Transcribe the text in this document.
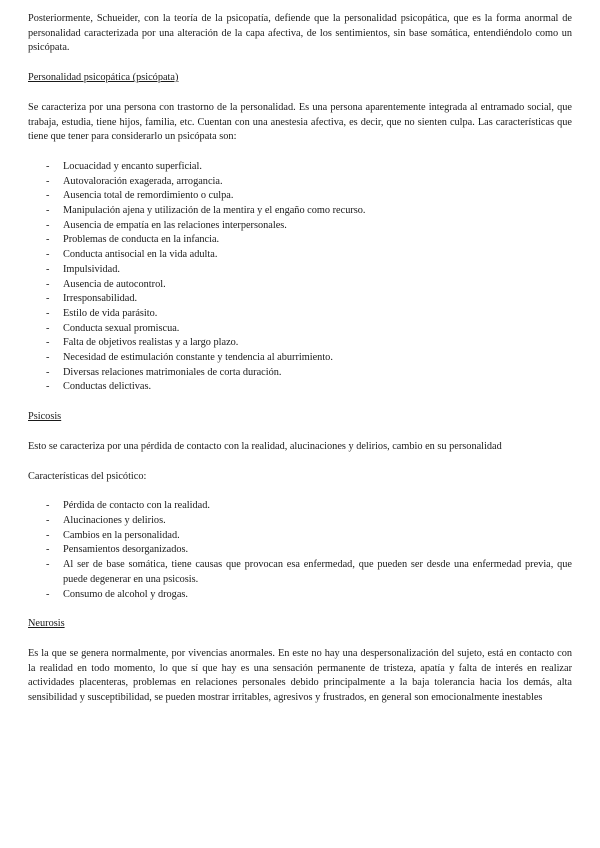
Posteriormente, Schueider, con la teoría de la psicopatía, defiende que la personalidad psicopática, que es la forma anormal de personalidad caracterizada por una alteración de la capa afectiva, de los sentimientos, sin base somática, entendiéndolo como un psicópata.

Personalidad psicopática (psicópata)

Se caracteriza por una persona con trastorno de la personalidad. Es una persona aparentemente integrada al entramado social, que trabaja, estudia, tiene hijos, familia, etc. Cuentan con una anestesia afectiva, es decir, que no sienten culpa. Las características que tiene que tener para considerarlo un psicópata son:

- Locuacidad y encanto superficial.
- Autovaloración exagerada, arrogancia.
- Ausencia total de remordimiento o culpa.
- Manipulación ajena y utilización de la mentira y el engaño como recurso.
- Ausencia de empatía en las relaciones interpersonales.
- Problemas de conducta en la infancia.
- Conducta antisocial en la vida adulta.
- Impulsividad.
- Ausencia de autocontrol.
- Irresponsabilidad.
- Estilo de vida parásito.
- Conducta sexual promiscua.
- Falta de objetivos realistas y a largo plazo.
- Necesidad de estimulación constante y tendencia al aburrimiento.
- Diversas relaciones matrimoniales de corta duración.
- Conductas delictivas.

Psicosis

Esto se caracteriza por una pérdida de contacto con la realidad, alucinaciones y delirios, cambio en su personalidad

Características del psicótico:

- Pérdida de contacto con la realidad.
- Alucinaciones y delirios.
- Cambios en la personalidad.
- Pensamientos desorganizados.
- Al ser de base somática, tiene causas que provocan esa enfermedad, que pueden ser desde una enfermedad previa, que puede degenerar en una psicosis.
- Consumo de alcohol y drogas.

Neurosis

Es la que se genera normalmente, por vivencias anormales. En este no hay una despersonalización del sujeto, está en contacto con la realidad en todo momento, lo que sí que hay es una sensación permanente de tristeza, apatía y falta de interés en realizar actividades placenteras, problemas en relaciones personales debido principalmente a la baja tolerancia hacia los demás, alta sensibilidad y susceptibilidad, se pueden mostrar irritables, agresivos y frustrados, en general son emocionalmente inestables
